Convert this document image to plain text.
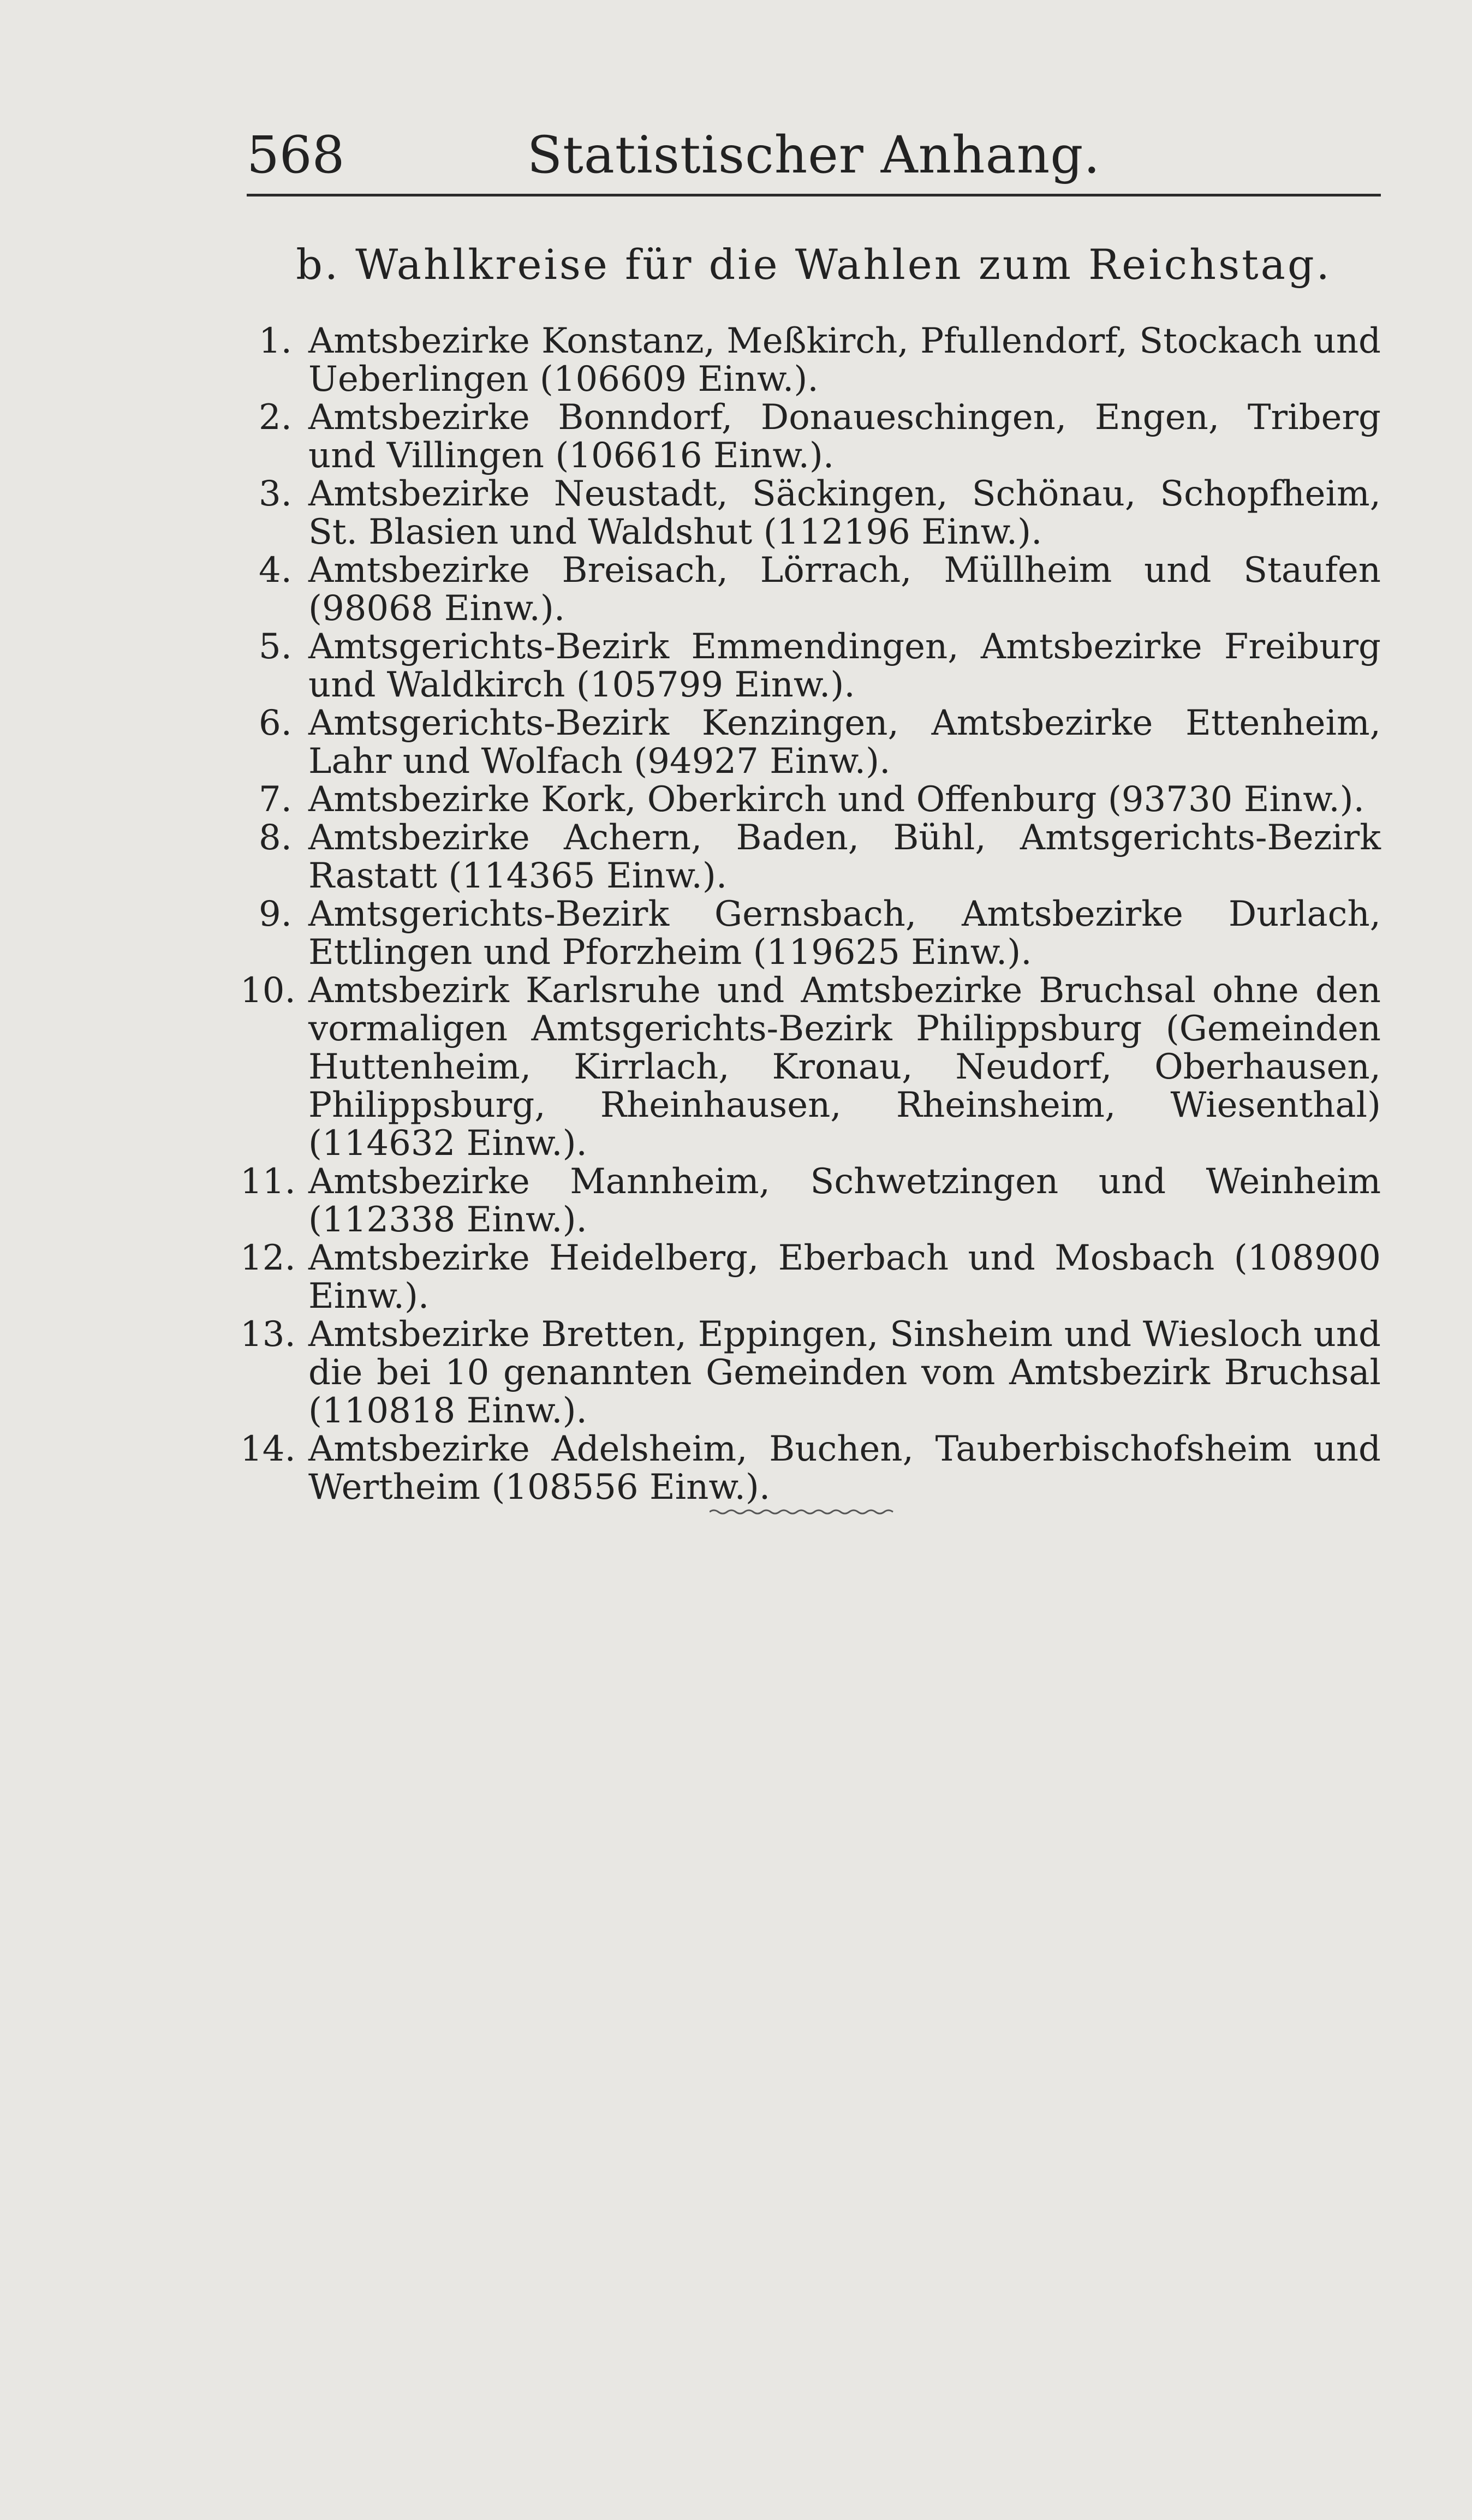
568	Statistischer Anhang.
b. Wahlkreise für die Wahlen zum Reichstag.
1. Amtsbezirke Konstanz, Meßkirch, Pfullendorf, Stockach und Ueberlingen (106609 Einw.).
2. Amtsbezirke Bonndorf, Donaueschingen, Engen, Triberg und Villingen (106616 Einw.).
3. Amtsbezirke Neustadt, Säckingen, Schönau, Schopfheim, St. Blasien und Waldshut (112196 Einw.).
4. Amtsbezirke Breisach, Lörrach, Müllheim und Staufen (98068 Einw.).
5. Amtsgerichts-Bezirk Emmendingen, Amtsbezirke Freiburg und Waldkirch (105799 Einw.).
6. Amtsgerichts-Bezirk Kenzingen, Amtsbezirke Ettenheim, Lahr und Wolfach (94927 Einw.).
7. Amtsbezirke Kork, Oberkirch und Offenburg (93730 Einw.).
8. Amtsbezirke Achern, Baden, Bühl, Amtsgerichts-Bezirk Rastatt (114365 Einw.).
9. Amtsgerichts-Bezirk Gernsbach, Amtsbezirke Durlach, Ettlingen und Pforzheim (119625 Einw.).
10. Amtsbezirk Karlsruhe und Amtsbezirke Bruchsal ohne den vormaligen Amtsgerichts-Bezirk Philippsburg (Gemeinden Huttenheim, Kirrlach, Kronau, Neudorf, Oberhausen, Philippsburg, Rheinhausen, Rheinsheim, Wiesenthal) (114632 Einw.).
11. Amtsbezirke Mannheim, Schwetzingen und Weinheim (112338 Einw.).
12. Amtsbezirke Heidelberg, Eberbach und Mosbach (108900 Einw.).
13. Amtsbezirke Bretten, Eppingen, Sinsheim und Wiesloch und die bei 10 genannten Gemeinden vom Amtsbezirk Bruchsal (110818 Einw.).
14. Amtsbezirke Adelsheim, Buchen, Tauberbischofsheim und Wertheim (108556 Einw.).
